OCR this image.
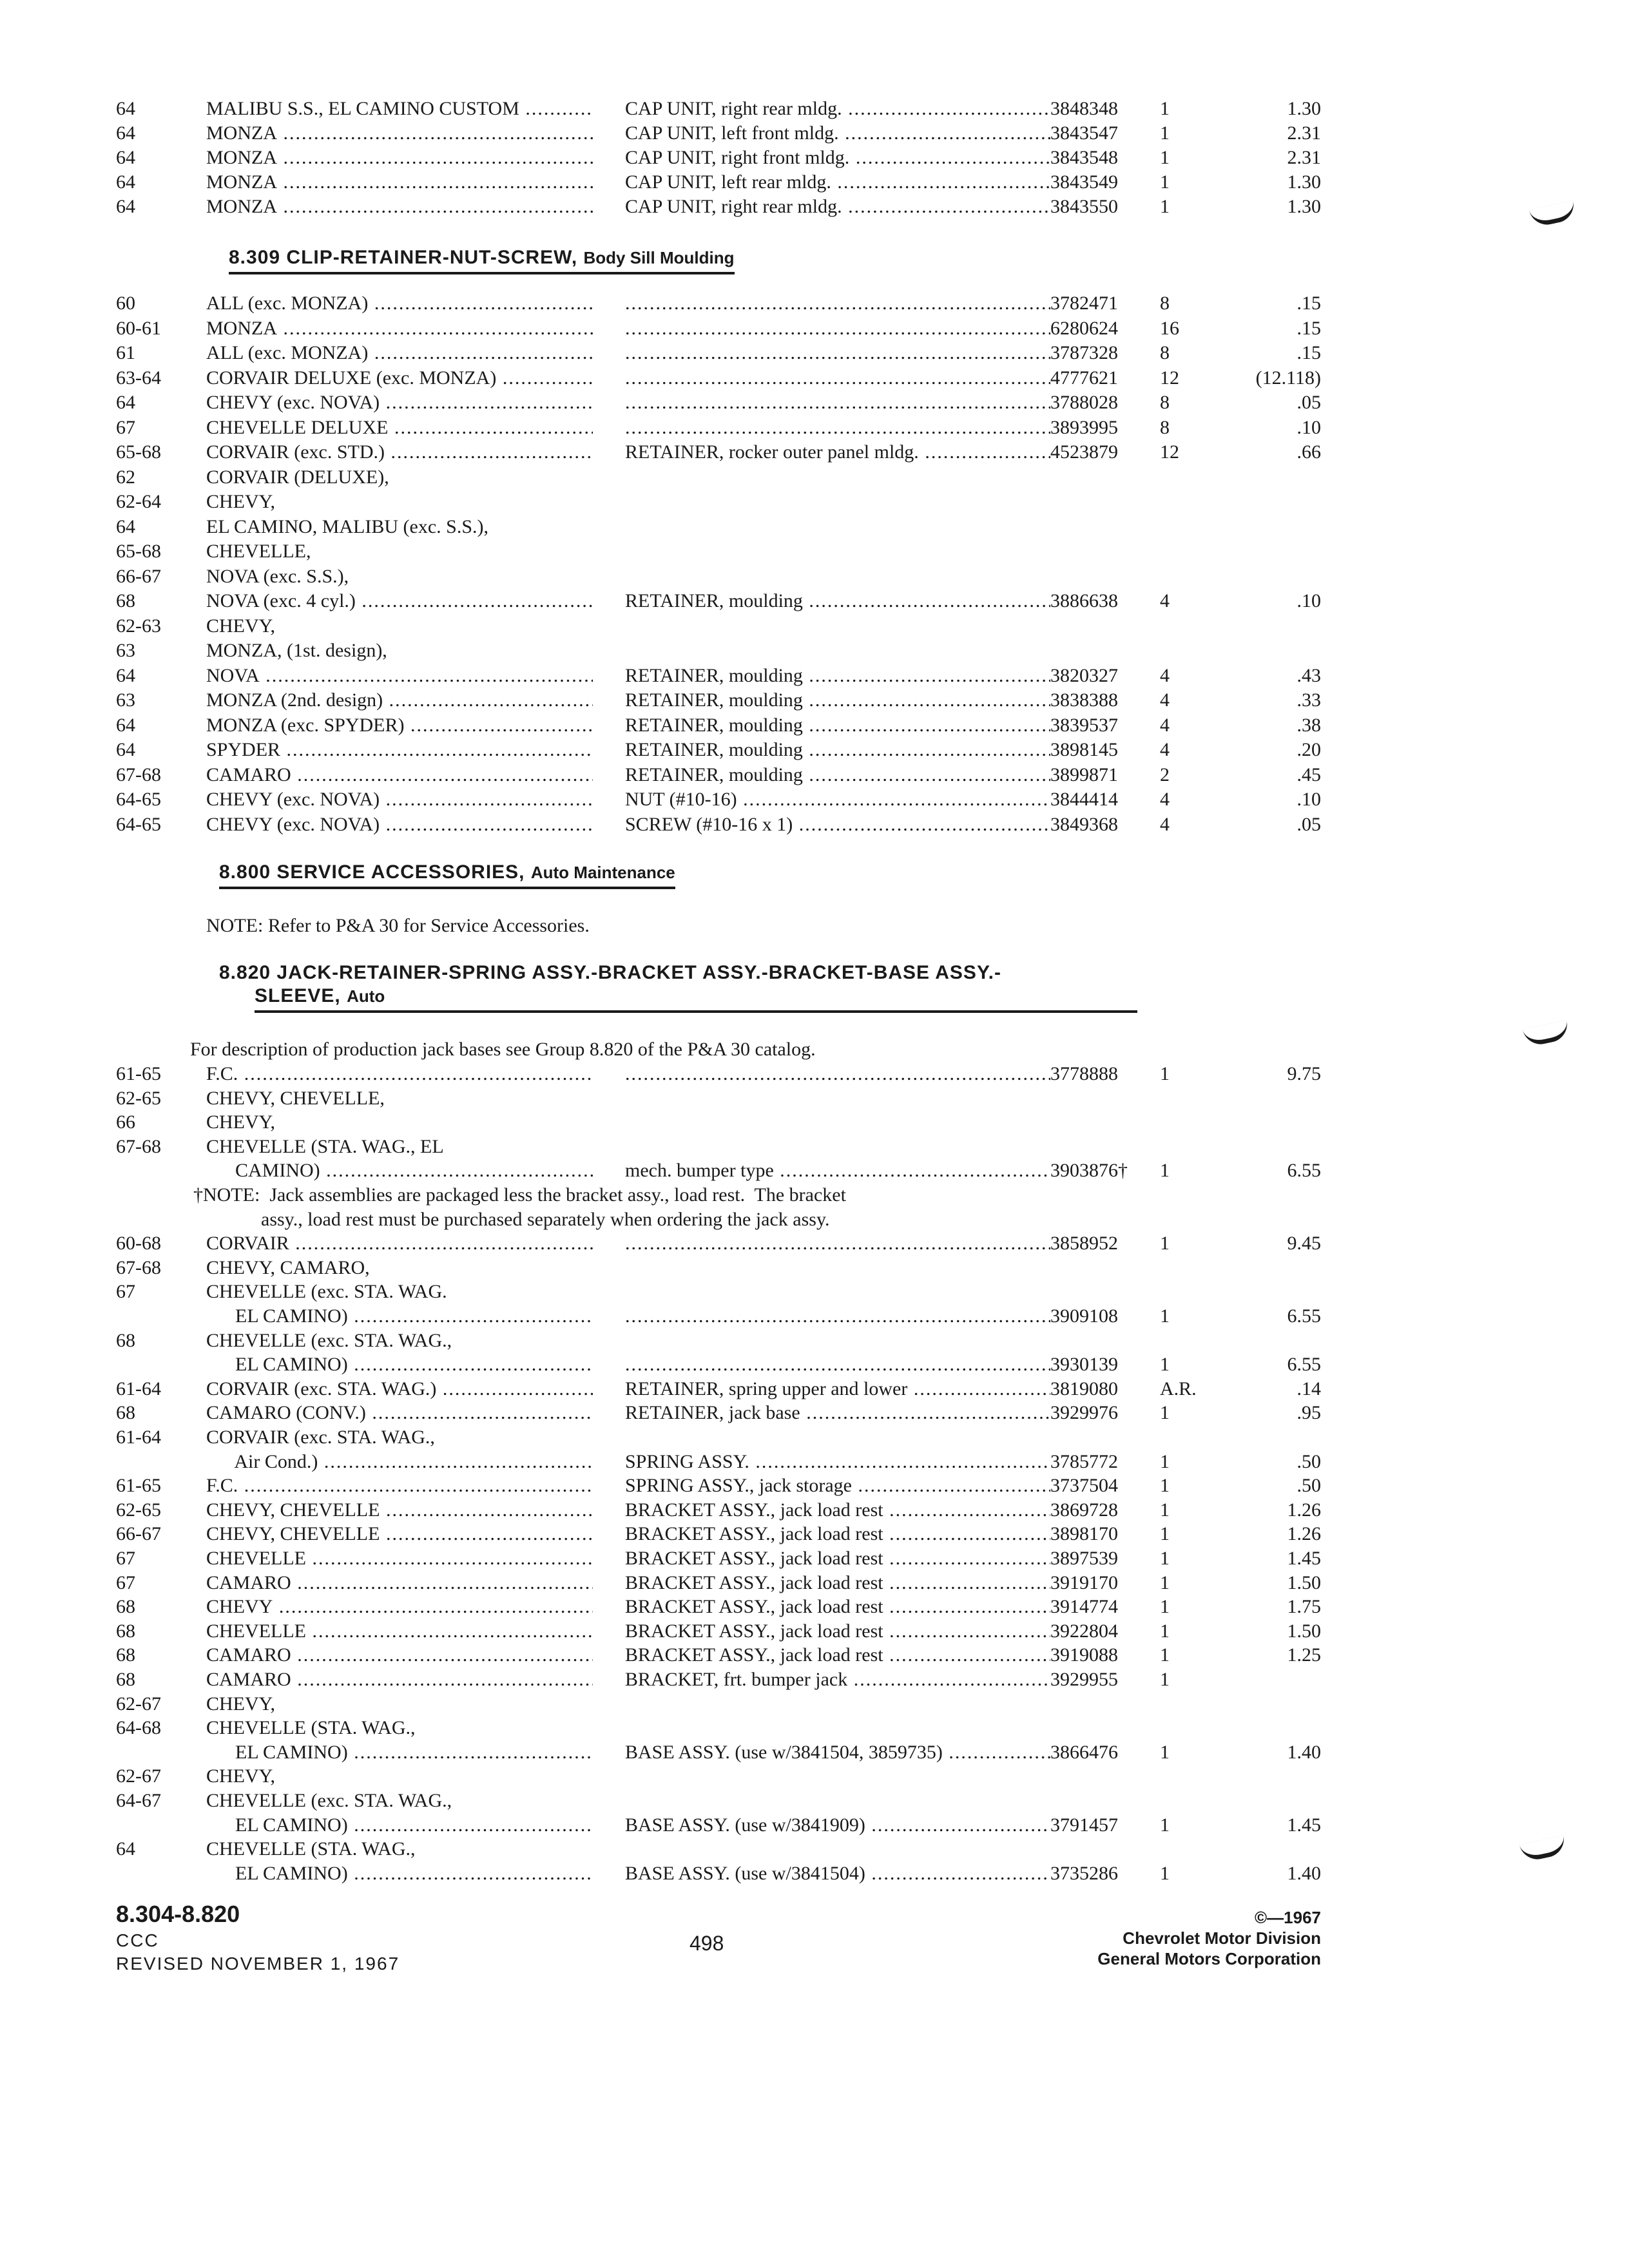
64	MALIBU S.S., EL CAMINO CUSTOM .....	CAP UNIT, right rear mldg. .....	3848348	1	1.30
64	MONZA .....	CAP UNIT, left front mldg. .....	3843547	1	2.31
64	MONZA .....	CAP UNIT, right front mldg. .....	3843548	1	2.31
64	MONZA .....	CAP UNIT, left rear mldg. .....	3843549	1	1.30
64	MONZA .....	CAP UNIT, right rear mldg. .....	3843550	1	1.30
8.309 CLIP-RETAINER-NUT-SCREW, Body Sill Moulding
60	ALL (exc. MONZA) ..... .....	3782471	8	.15
60-61	MONZA ..... .....	6280624	16	.15
61	ALL (exc. MONZA) ..... .....	3787328	8	.15
63-64	CORVAIR DELUXE (exc. MONZA) ..... .....	4777621	12	(12.118)
64	CHEVY (exc. NOVA) ..... .....	3788028	8	.05
67	CHEVELLE DELUXE ..... .....	3893995	8	.10
65-68	CORVAIR (exc. STD.) .....	RETAINER, rocker outer panel mldg. .....	4523879	12	.66
62	CORVAIR (DELUXE),
62-64	CHEVY,
64	EL CAMINO, MALIBU (exc. S.S.),
65-68	CHEVELLE,
66-67	NOVA (exc. S.S.),
68	NOVA (exc. 4 cyl.) .....	RETAINER, moulding .....	3886638	4	.10
62-63	CHEVY,
63	MONZA, (1st. design),
64	NOVA .....	RETAINER, moulding .....	3820327	4	.43
63	MONZA (2nd. design) .....	RETAINER, moulding .....	3838388	4	.33
64	MONZA (exc. SPYDER) .....	RETAINER, moulding .....	3839537	4	.38
64	SPYDER .....	RETAINER, moulding .....	3898145	4	.20
67-68	CAMARO .....	RETAINER, moulding .....	3899871	2	.45
64-65	CHEVY (exc. NOVA) .....	NUT (#10-16) .....	3844414	4	.10
64-65	CHEVY (exc. NOVA) .....	SCREW (#10-16 x 1) .....	3849368	4	.05
8.800 SERVICE ACCESSORIES, Auto Maintenance
NOTE: Refer to P&A 30 for Service Accessories.
8.820 JACK-RETAINER-SPRING ASSY.-BRACKET ASSY.-BRACKET-BASE ASSY.-
SLEEVE, Auto
For description of production jack bases see Group 8.820 of the P&A 30 catalog.
61-65	F.C. ..... .....	3778888	1	9.75
62-65	CHEVY, CHEVELLE,
66	CHEVY,
67-68	CHEVELLE (STA. WAG., EL
CAMINO) .....	mech. bumper type .....	3903876†	1	6.55
†NOTE:  Jack assemblies are packaged less the bracket assy., load rest.  The bracket
assy., load rest must be purchased separately when ordering the jack assy.
60-68	CORVAIR ..... .....	3858952	1	9.45
67-68	CHEVY, CAMARO,
67	CHEVELLE (exc. STA. WAG.
EL CAMINO) ..... .....	3909108	1	6.55
68	CHEVELLE (exc. STA. WAG.,
EL CAMINO) ..... .....	3930139	1	6.55
61-64	CORVAIR (exc. STA. WAG.) .....	RETAINER, spring upper and lower .....	3819080	A.R.	.14
68	CAMARO (CONV.) .....	RETAINER, jack base .....	3929976	1	.95
61-64	CORVAIR (exc. STA. WAG.,
Air Cond.) .....	SPRING ASSY. .....	3785772	1	.50
61-65	F.C. .....	SPRING ASSY., jack storage .....	3737504	1	.50
62-65	CHEVY, CHEVELLE .....	BRACKET ASSY., jack load rest .....	3869728	1	1.26
66-67	CHEVY, CHEVELLE .....	BRACKET ASSY., jack load rest .....	3898170	1	1.26
67	CHEVELLE .....	BRACKET ASSY., jack load rest .....	3897539	1	1.45
67	CAMARO .....	BRACKET ASSY., jack load rest .....	3919170	1	1.50
68	CHEVY .....	BRACKET ASSY., jack load rest .....	3914774	1	1.75
68	CHEVELLE .....	BRACKET ASSY., jack load rest .....	3922804	1	1.50
68	CAMARO .....	BRACKET ASSY., jack load rest .....	3919088	1	1.25
68	CAMARO .....	BRACKET, frt. bumper jack .....	3929955	1
62-67	CHEVY,
64-68	CHEVELLE (STA. WAG.,
EL CAMINO) .....	BASE ASSY. (use w/3841504, 3859735) .....	3866476	1	1.40
62-67	CHEVY,
64-67	CHEVELLE (exc. STA. WAG.,
EL CAMINO) .....	BASE ASSY. (use w/3841909) .....	3791457	1	1.45
64	CHEVELLE (STA. WAG.,
EL CAMINO) .....	BASE ASSY. (use w/3841504) .....	3735286	1	1.40
8.304-8.820
CCC
REVISED NOVEMBER 1, 1967
498
©—1967
Chevrolet Motor Division
General Motors Corporation
